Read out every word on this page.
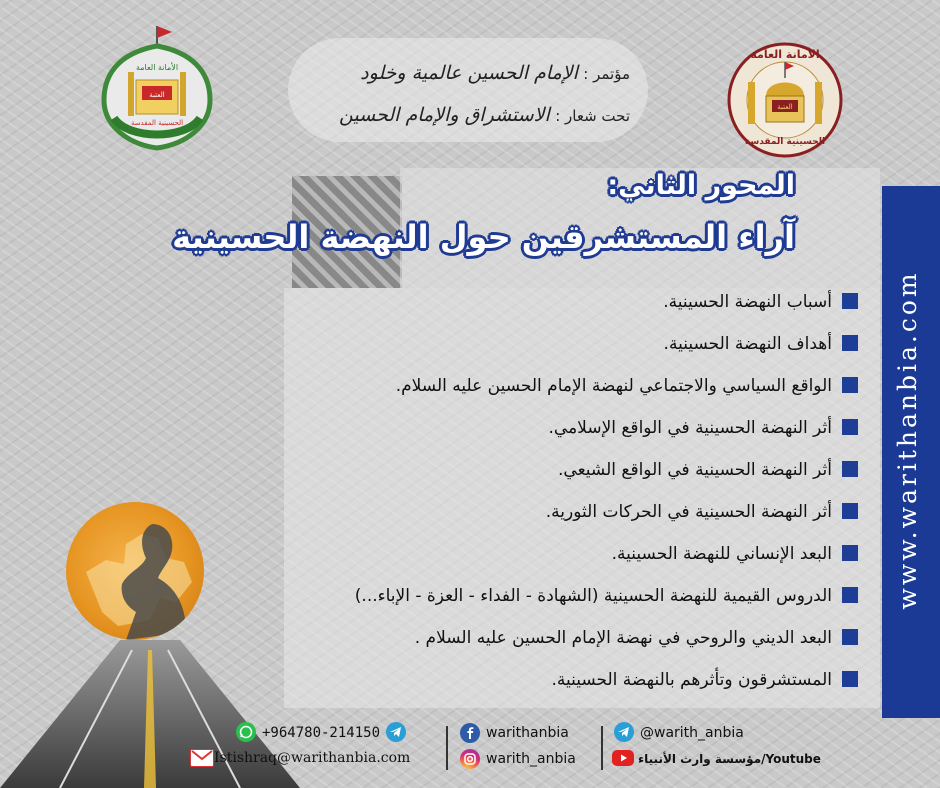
الأمانة العامة
العتبة
الحسينية المقدسة
الأمانة العامة
العتبة
الحسينية المقدسة
مؤتمر : الإمام الحسين عالمية وخلود
تحت شعار : الاستشراق والإمام الحسين
المحور الثاني:
آراء المستشرقين حول النهضة الحسينية
أسباب النهضة الحسينية.
أهداف النهضة الحسينية.
الواقع السياسي والاجتماعي لنهضة الإمام الحسين عليه السلام.
أثر النهضة الحسينية في الواقع الإسلامي.
أثر النهضة الحسينية في الواقع الشيعي.
أثر النهضة الحسينية في الحركات الثورية.
البعد الإنساني للنهضة الحسينية.
الدروس القيمية للنهضة الحسينية (الشهادة - الفداء - العزة - الإباء...)
البعد الديني والروحي في نهضة الإمام الحسين عليه السلام .
المستشرقون وتأثرهم بالنهضة الحسينية.
www.warithanbia.com
+964780-214150
Istishraq@warithanbia.com
warithanbia
warith_anbia
@warith_anbia
مؤسسة وارث الأنبياء/Youtube
